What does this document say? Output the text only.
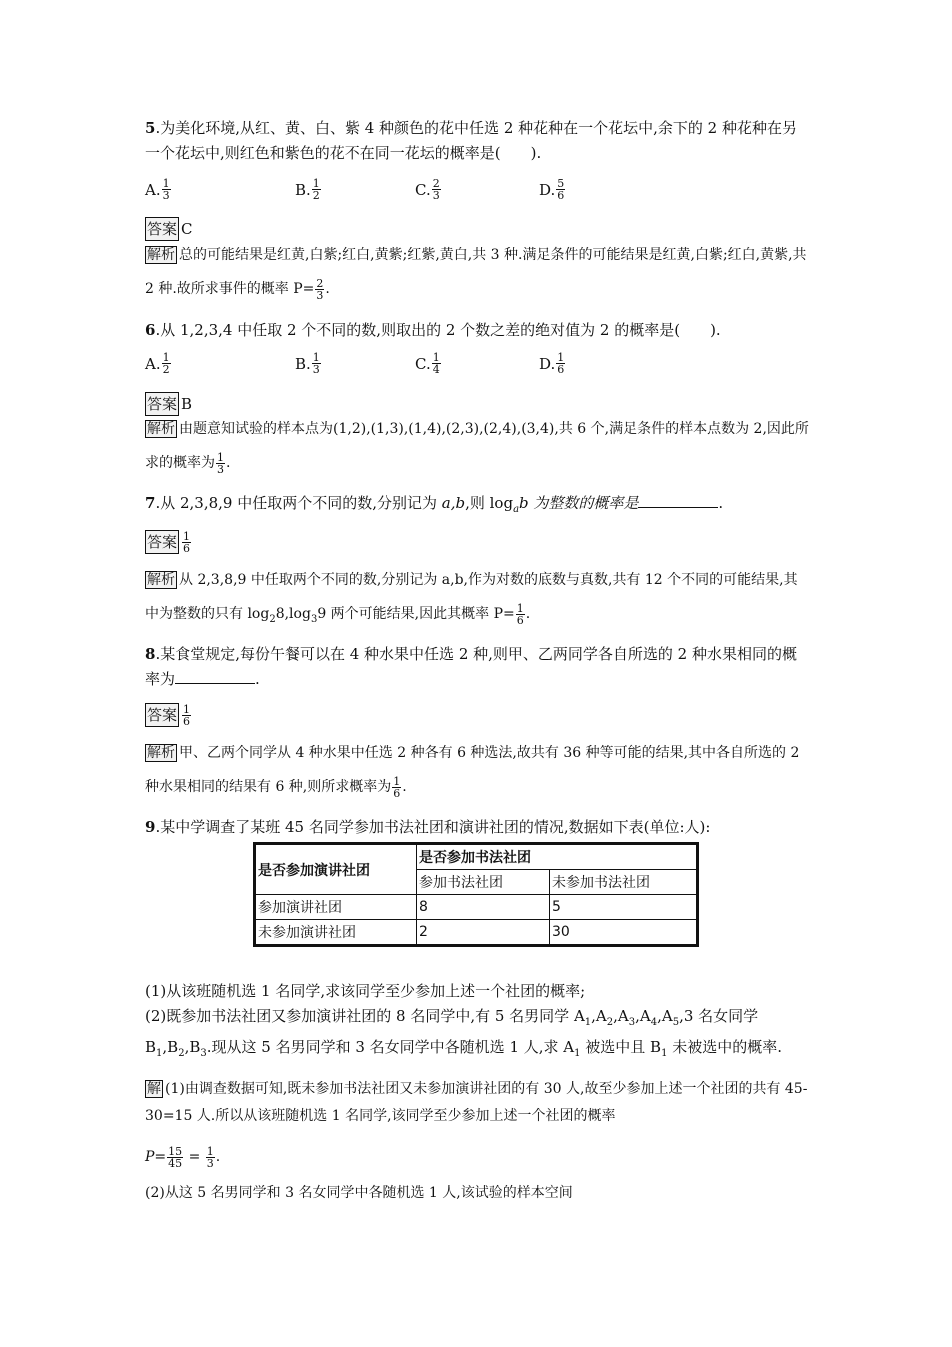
5.为美化环境,从红、黄、白、紫 4 种颜色的花中任选 2 种花种在一个花坛中,余下的 2 种花种在另一个花坛中,则红色和紫色的花不在同一花坛的概率是(　　).
A. $\frac{1}{3}$	B. $\frac{1}{2}$	C. $\frac{2}{3}$	D. $\frac{5}{6}$
答案 C
解析 总的可能结果是红黄,白紫;红白,黄紫;红紫,黄白,共 3 种.满足条件的可能结果是红黄,白紫;红白,黄紫,共 2 种.故所求事件的概率 $P= \frac{2}{3}$ .
6.从 1,2,3,4 中任取 2 个不同的数,则取出的 2 个数之差的绝对值为 2 的概率是(　　).
A. $\frac{1}{2}$	B. $\frac{1}{3}$	C. $\frac{1}{4}$	D. $\frac{1}{6}$
答案 B
解析 由题意知试验的样本点为(1,2),(1,3),(1,4),(2,3),(2,4),(3,4),共 6 个,满足条件的样本点数为 2,因此所求的概率为 $\frac{1}{3}$ .
7.从 2,3,8,9 中任取两个不同的数,分别记为 a,b,则 $\log_ab$ 为整数的概率是	.
答案 $\frac{1}{6}$
解析 从 2,3,8,9 中任取两个不同的数,分别记为 a,b,作为对数的底数与真数,共有 12 个不同的可能结果,其中为整数的只有 $\log_28,\log_39$ 两个可能结果,因此其概率 $P= \frac{1}{6}$ .
8.某食堂规定,每份午餐可以在 4 种水果中任选 2 种,则甲、乙两同学各自所选的 2 种水果相同的概率为	.
答案 $\frac{1}{6}$
解析 甲、乙两个同学从 4 种水果中任选 2 种各有 6 种选法,故共有 36 种等可能的结果,其中各自所选的 2 种水果相同的结果有 6 种,则所求概率为 $\frac{1}{6}$ .
9.某中学调查了某班 45 名同学参加书法社团和演讲社团的情况,数据如下表(单位:人):
是否参加演讲社团	是否参加书法社团	
	参加书法社团	未参加书法社团
参加演讲社团	8	5
未参加演讲社团	2	30
(1)从该班随机选 1 名同学,求该同学至少参加上述一个社团的概率;
(2)既参加书法社团又参加演讲社团的 8 名同学中,有 5 名男同学 $A_1,A_2,A_3,A_4,A_5,3$ 名女同学 $B_1,B_2,B_3$.现从这 5 名男同学和 3 名女同学中各随机选 1 人,求 $A_1$ 被选中且 $B_1$ 未被选中的概率.
解 (1)由调查数据可知,既未参加书法社团又未参加演讲社团的有 30 人,故至少参加上述一个社团的共有 45-30=15 人.所以从该班随机选 1 名同学,该同学至少参加上述一个社团的概率
$P= \frac{15}{45} = \frac{1}{3}$ .
(2)从这 5 名男同学和 3 名女同学中各随机选 1 人,该试验的样本空间
